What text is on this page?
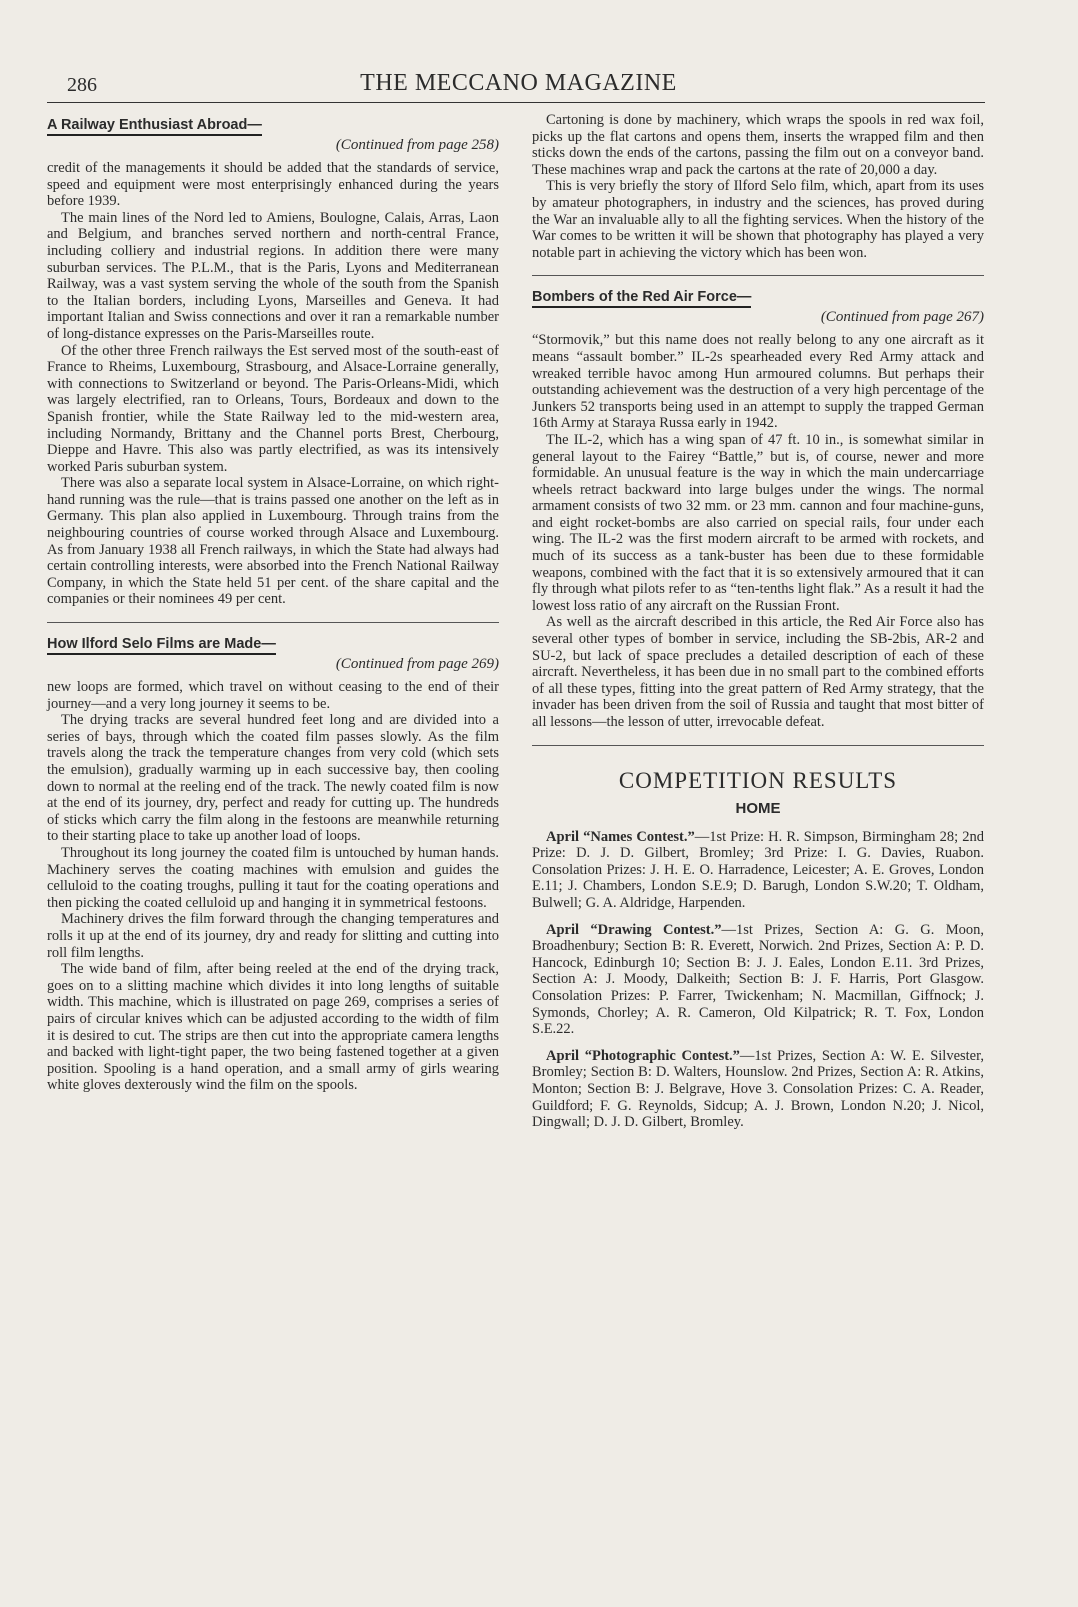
286	THE MECCANO MAGAZINE
A Railway Enthusiast Abroad—
(Continued from page 258)

credit of the managements it should be added that the standards of service, speed and equipment were most enterprisingly enhanced during the years before 1939.

The main lines of the Nord led to Amiens, Boulogne, Calais, Arras, Laon and Belgium, and branches served northern and north-central France, including colliery and industrial regions. In addition there were many suburban services. The P.L.M., that is the Paris, Lyons and Mediterranean Railway, was a vast system serving the whole of the south from the Spanish to the Italian borders, including Lyons, Marseilles and Geneva. It had important Italian and Swiss connections and over it ran a remarkable number of long-distance expresses on the Paris-Marseilles route.

Of the other three French railways the Est served most of the south-east of France to Rheims, Luxembourg, Strasbourg, and Alsace-Lorraine generally, with connections to Switzerland or beyond. The Paris-Orleans-Midi, which was largely electrified, ran to Orleans, Tours, Bordeaux and down to the Spanish frontier, while the State Railway led to the mid-western area, including Normandy, Brittany and the Channel ports Brest, Cherbourg, Dieppe and Havre. This also was partly electrified, as was its intensively worked Paris suburban system.

There was also a separate local system in Alsace-Lorraine, on which right-hand running was the rule—that is trains passed one another on the left as in Germany. This plan also applied in Luxembourg. Through trains from the neighbouring countries of course worked through Alsace and Luxembourg. As from January 1938 all French railways, in which the State had always had certain controlling interests, were absorbed into the French National Railway Company, in which the State held 51 per cent. of the share capital and the companies or their nominees 49 per cent.

How Ilford Selo Films are Made—
(Continued from page 269)

new loops are formed, which travel on without ceasing to the end of their journey—and a very long journey it seems to be.

The drying tracks are several hundred feet long and are divided into a series of bays, through which the coated film passes slowly. As the film travels along the track the temperature changes from very cold (which sets the emulsion), gradually warming up in each successive bay, then cooling down to normal at the reeling end of the track. The newly coated film is now at the end of its journey, dry, perfect and ready for cutting up. The hundreds of sticks which carry the film along in the festoons are meanwhile returning to their starting place to take up another load of loops.

Throughout its long journey the coated film is untouched by human hands. Machinery serves the coating machines with emulsion and guides the celluloid to the coating troughs, pulling it taut for the coating operations and then picking the coated celluloid up and hanging it in symmetrical festoons.

Machinery drives the film forward through the changing temperatures and rolls it up at the end of its journey, dry and ready for slitting and cutting into roll film lengths.

The wide band of film, after being reeled at the end of the drying track, goes on to a slitting machine which divides it into long lengths of suitable width. This machine, which is illustrated on page 269, comprises a series of pairs of circular knives which can be adjusted according to the width of film it is desired to cut. The strips are then cut into the appropriate camera lengths and backed with light-tight paper, the two being fastened together at a given position. Spooling is a hand operation, and a small army of girls wearing white gloves dexterously wind the film on the spools.

Cartoning is done by machinery, which wraps the spools in red wax foil, picks up the flat cartons and opens them, inserts the wrapped film and then sticks down the ends of the cartons, passing the film out on a conveyor band. These machines wrap and pack the cartons at the rate of 20,000 a day.

This is very briefly the story of Ilford Selo film, which, apart from its uses by amateur photographers, in industry and the sciences, has proved during the War an invaluable ally to all the fighting services. When the history of the War comes to be written it will be shown that photography has played a very notable part in achieving the victory which has been won.

Bombers of the Red Air Force—
(Continued from page 267)

“Stormovik,” but this name does not really belong to any one aircraft as it means “assault bomber.” IL-2s spearheaded every Red Army attack and wreaked terrible havoc among Hun armoured columns. But perhaps their outstanding achievement was the destruction of a very high percentage of the Junkers 52 transports being used in an attempt to supply the trapped German 16th Army at Staraya Russa early in 1942.

The IL-2, which has a wing span of 47 ft. 10 in., is somewhat similar in general layout to the Fairey “Battle,” but is, of course, newer and more formidable. An unusual feature is the way in which the main undercarriage wheels retract backward into large bulges under the wings. The normal armament consists of two 32 mm. or 23 mm. cannon and four machine-guns, and eight rocket-bombs are also carried on special rails, four under each wing. The IL-2 was the first modern aircraft to be armed with rockets, and much of its success as a tank-buster has been due to these formidable weapons, combined with the fact that it is so extensively armoured that it can fly through what pilots refer to as “ten-tenths light flak.” As a result it had the lowest loss ratio of any aircraft on the Russian Front.

As well as the aircraft described in this article, the Red Air Force also has several other types of bomber in service, including the SB-2bis, AR-2 and SU-2, but lack of space precludes a detailed description of each of these aircraft. Nevertheless, it has been due in no small part to the combined efforts of all these types, fitting into the great pattern of Red Army strategy, that the invader has been driven from the soil of Russia and taught that most bitter of all lessons—the lesson of utter, irrevocable defeat.

COMPETITION RESULTS
HOME

April “Names Contest.”—1st Prize: H. R. Simpson, Birmingham 28; 2nd Prize: D. J. D. Gilbert, Bromley; 3rd Prize: I. G. Davies, Ruabon. Consolation Prizes: J. H. E. O. Harradence, Leicester; A. E. Groves, London E.11; J. Chambers, London S.E.9; D. Barugh, London S.W.20; T. Oldham, Bulwell; G. A. Aldridge, Harpenden.

April “Drawing Contest.”—1st Prizes, Section A: G. G. Moon, Broadhenbury; Section B: R. Everett, Norwich. 2nd Prizes, Section A: P. D. Hancock, Edinburgh 10; Section B: J. J. Eales, London E.11. 3rd Prizes, Section A: J. Moody, Dalkeith; Section B: J. F. Harris, Port Glasgow. Consolation Prizes: P. Farrer, Twickenham; N. Macmillan, Giffnock; J. Symonds, Chorley; A. R. Cameron, Old Kilpatrick; R. T. Fox, London S.E.22.

April “Photographic Contest.”—1st Prizes, Section A: W. E. Silvester, Bromley; Section B: D. Walters, Hounslow. 2nd Prizes, Section A: R. Atkins, Monton; Section B: J. Belgrave, Hove 3. Consolation Prizes: C. A. Reader, Guildford; F. G. Reynolds, Sidcup; A. J. Brown, London N.20; J. Nicol, Dingwall; D. J. D. Gilbert, Bromley.
